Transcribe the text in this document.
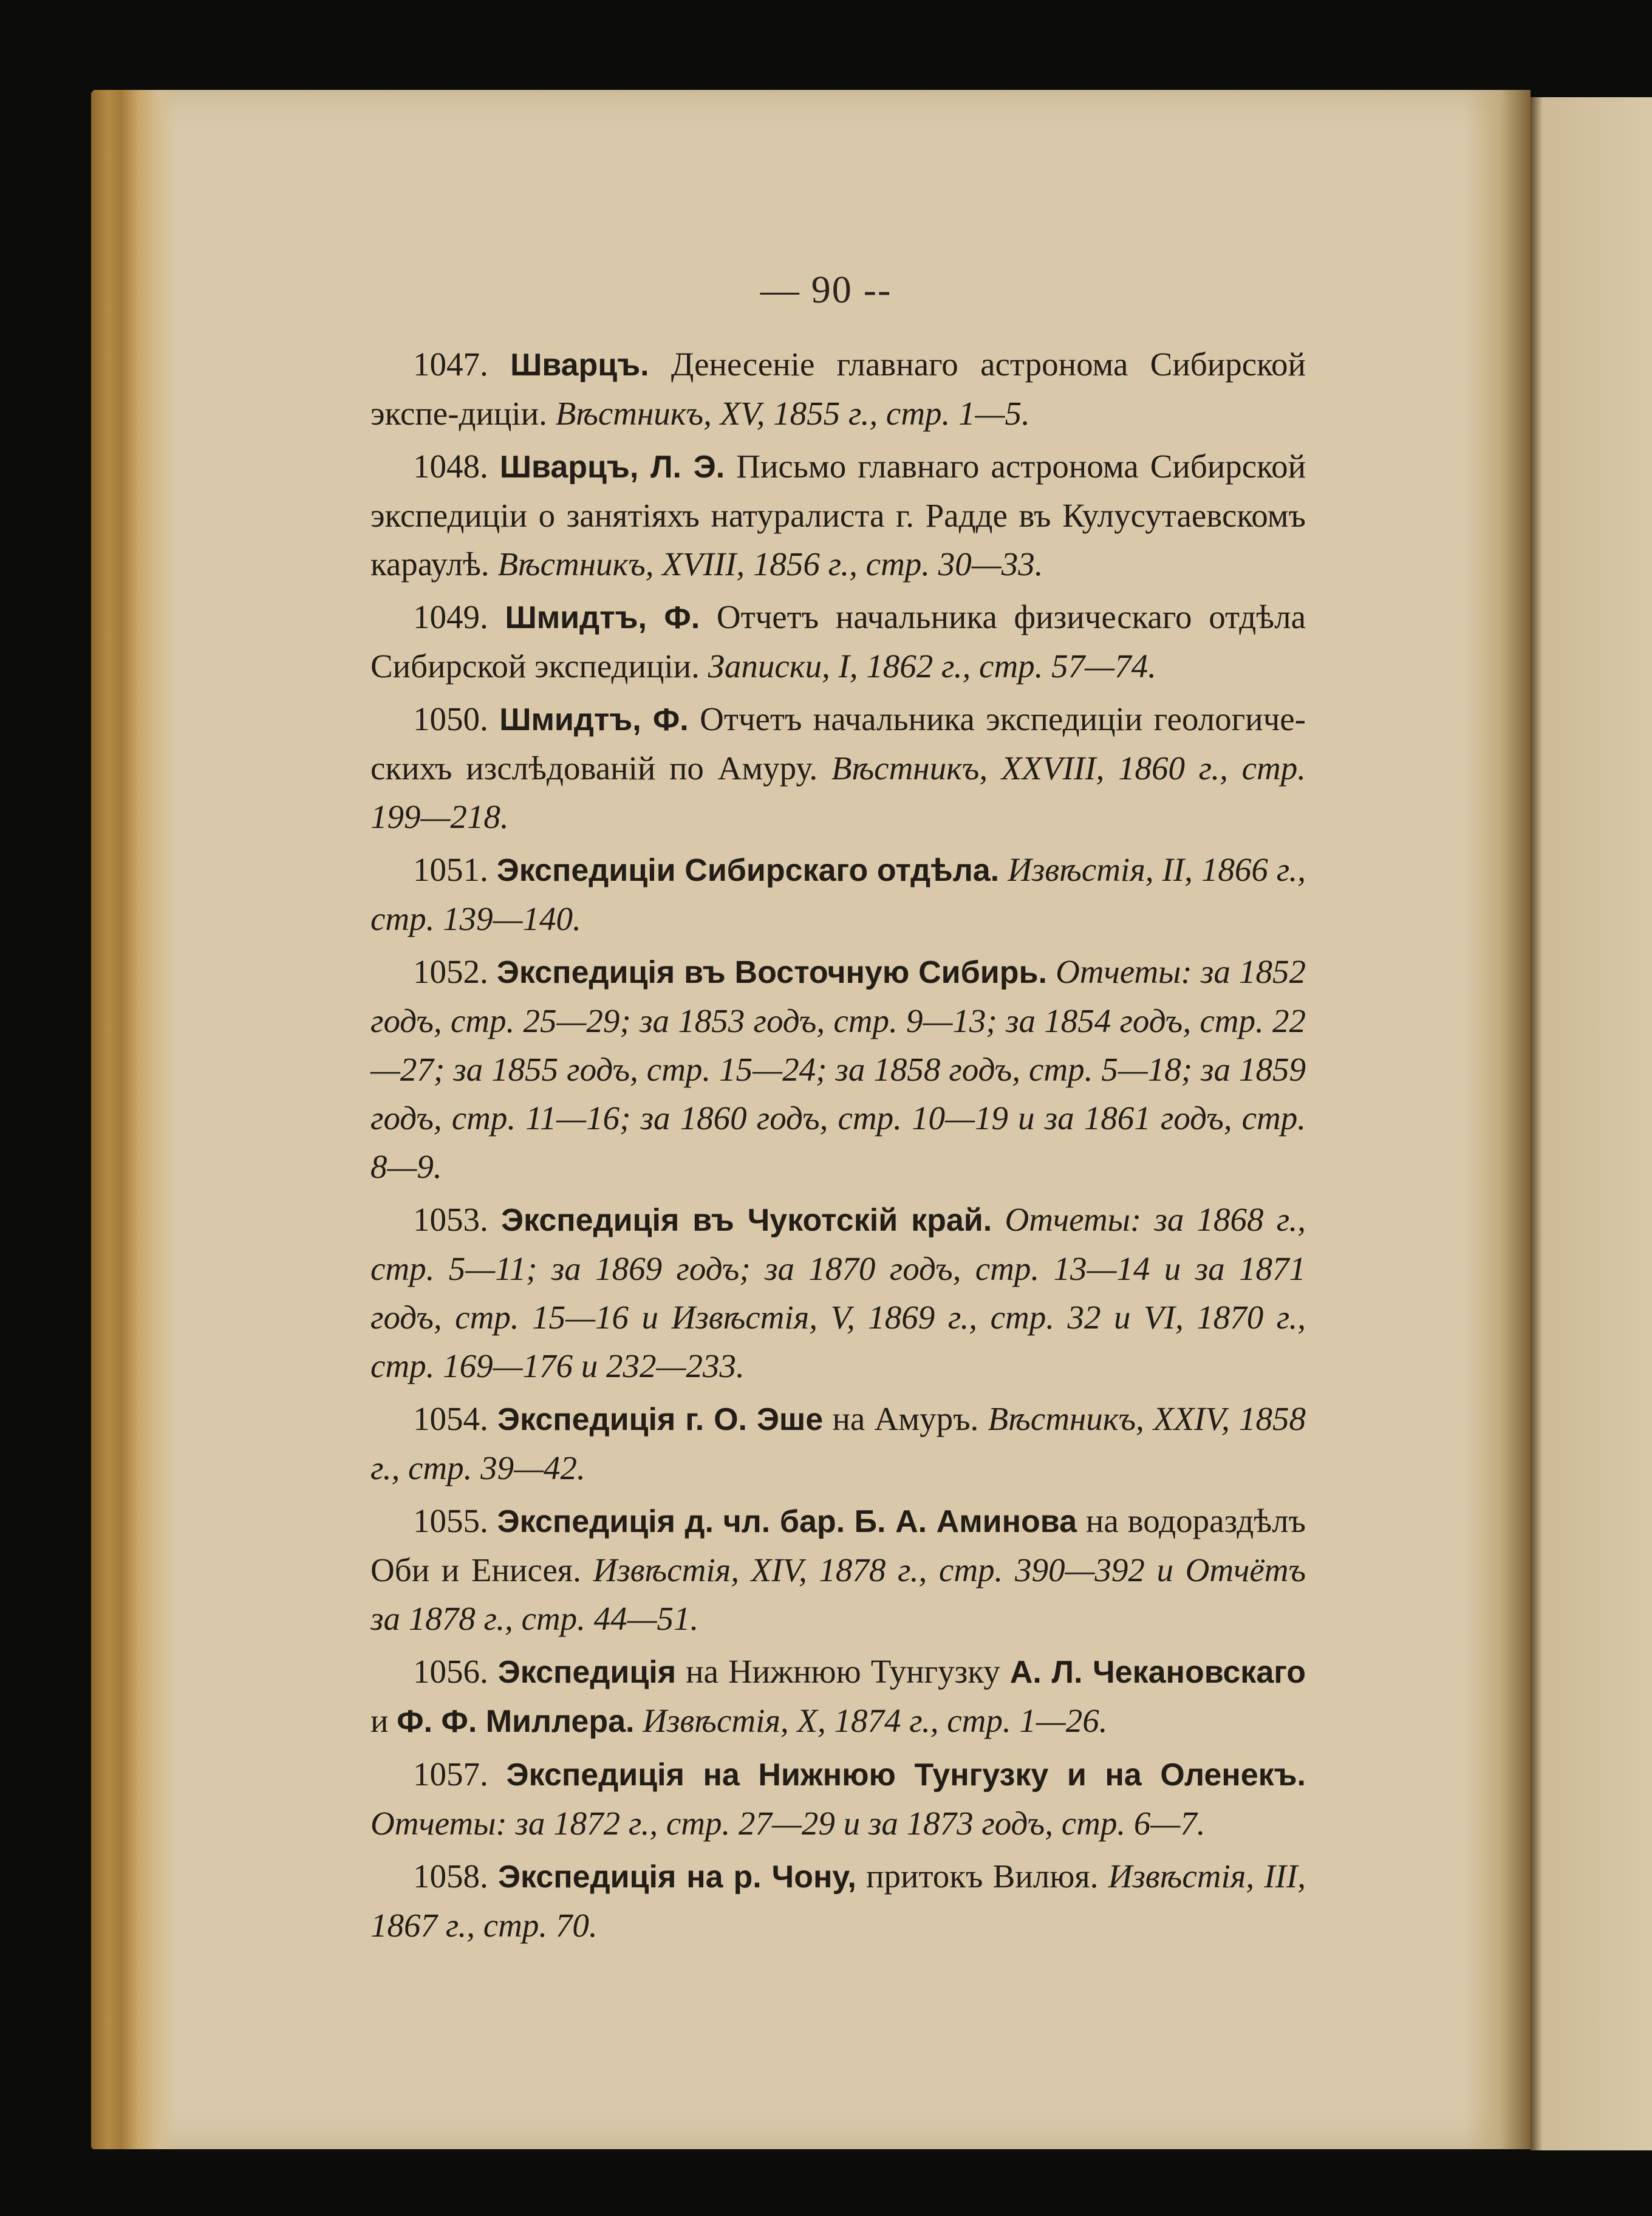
— 90 --

1047. Шварцъ. Денесеніе главнаго астронома Сибирской экспе-диціи. Вѣстникъ, XV, 1855 г., стр. 1—5.

1048. Шварцъ, Л. Э. Письмо главнаго астронома Сибирской экспедиціи о занятіяхъ натуралиста г. Радде въ Кулусутаевскомъ караулѣ. Вѣстникъ, XVIII, 1856 г., стр. 30—33.

1049. Шмидтъ, Ф. Отчетъ начальника физическаго отдѣла Сибирской экспедиціи. Записки, I, 1862 г., стр. 57—74.

1050. Шмидтъ, Ф. Отчетъ начальника экспедиціи геологиче-скихъ изслѣдованій по Амуру. Вѣстникъ, XXVIII, 1860 г., стр. 199—218.

1051. Экспедиціи Сибирскаго отдѣла. Извѣстія, II, 1866 г., стр. 139—140.

1052. Экспедиція въ Восточную Сибирь. Отчеты: за 1852 годъ, стр. 25—29; за 1853 годъ, стр. 9—13; за 1854 годъ, стр. 22—27; за 1855 годъ, стр. 15—24; за 1858 годъ, стр. 5—18; за 1859 годъ, стр. 11—16; за 1860 годъ, стр. 10—19 и за 1861 годъ, стр. 8—9.

1053. Экспедиція въ Чукотскій край. Отчеты: за 1868 г., стр. 5—11; за 1869 годъ; за 1870 годъ, стр. 13—14 и за 1871 годъ, стр. 15—16 и Извѣстія, V, 1869 г., стр. 32 и VI, 1870 г., стр. 169—176 и 232—233.

1054. Экспедиція г. О. Эше на Амуръ. Вѣстникъ, XXIV, 1858 г., стр. 39—42.

1055. Экспедиція д. чл. бар. Б. А. Аминова на водораздѣлъ Оби и Енисея. Извѣстія, XIV, 1878 г., стр. 390—392 и Отчётъ за 1878 г., стр. 44—51.

1056. Экспедиція на Нижнюю Тунгузку А. Л. Чекановскаго и Ф. Ф. Миллера. Извѣстія, X, 1874 г., стр. 1—26.

1057. Экспедиція на Нижнюю Тунгузку и на Оленекъ. Отчеты: за 1872 г., стр. 27—29 и за 1873 годъ, стр. 6—7.

1058. Экспедиція на р. Чону, притокъ Вилюя. Извѣстія, III, 1867 г., стр. 70.
